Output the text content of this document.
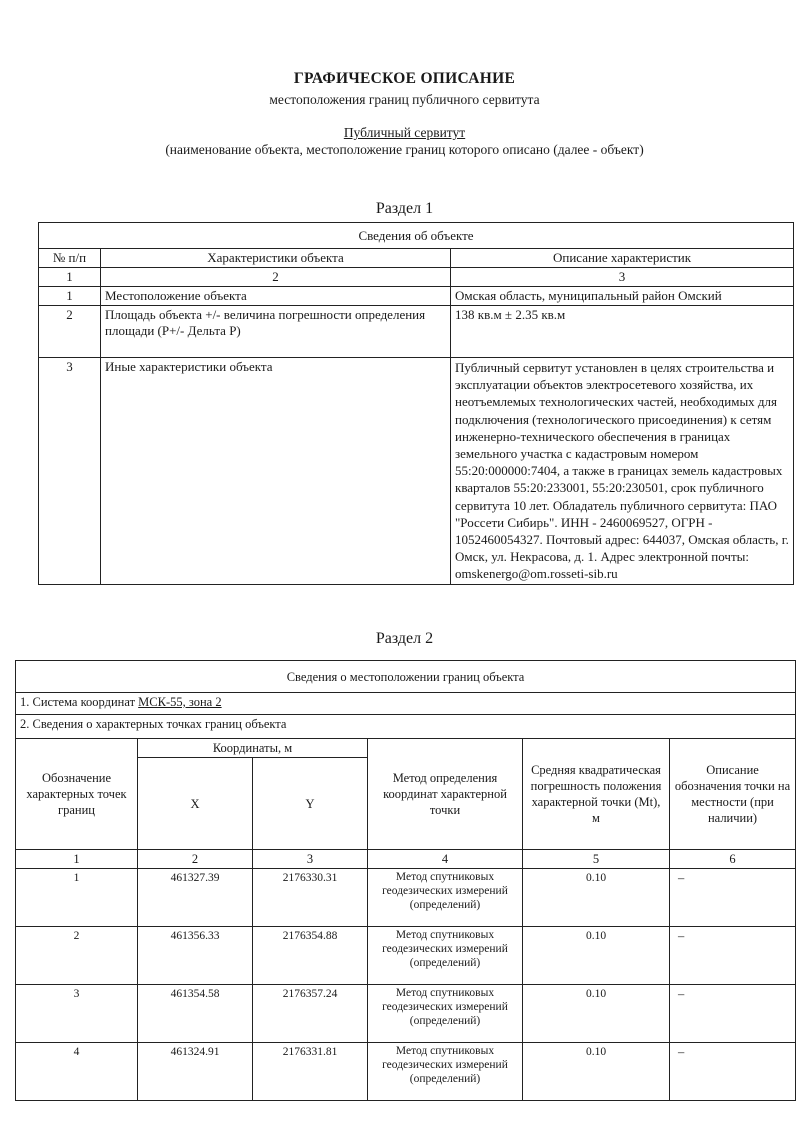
ГРАФИЧЕСКОЕ ОПИСАНИЕ
местоположения границ публичного сервитута
Публичный сервитут
(наименование объекта, местоположение границ которого описано (далее - объект)
Раздел 1
Сведения об объекте		
№ п/п	Характеристики объекта	Описание характеристик
1	2	3
1	Местоположение объекта	Омская область, муниципальный район Омский
2	Площадь объекта +/- величина погрешности определения площади (Р+/- Дельта Р)	138 кв.м ± 2.35 кв.м
3	Иные характеристики объекта	Публичный сервитут установлен в целях строительства и эксплуатации объектов электросетевого хозяйства, их неотъемлемых технологических частей, необходимых для подключения (технологического присоединения) к сетям инженерно-технического обеспечения в границах земельного участка с кадастровым номером 55:20:000000:7404, а также в границах земель кадастровых кварталов 55:20:233001, 55:20:230501, срок публичного сервитута 10 лет. Обладатель публичного сервитута: ПАО "Россети Сибирь". ИНН - 2460069527, ОГРН - 1052460054327. Почтовый адрес: 644037, Омская область, г. Омск, ул. Некрасова, д. 1. Адрес электронной почты: omskenergo@om.rosseti-sib.ru
Раздел 2
Сведения о местоположении границ объекта					
1. Система координат МСК-55, зона 2					
2. Сведения о характерных точках границ объекта					
Обозначение характерных точек границ	Координаты, м		Метод определения координат характерной точки	Средняя квадратическая погрешность положения характерной точки (Mt), м	Описание обозначения точки на местности (при наличии)
	X	Y			
1	2	3	4	5	6
1	461327.39	2176330.31	Метод спутниковых геодезических измерений (определений)	0.10	–
2	461356.33	2176354.88	Метод спутниковых геодезических измерений (определений)	0.10	–
3	461354.58	2176357.24	Метод спутниковых геодезических измерений (определений)	0.10	–
4	461324.91	2176331.81	Метод спутниковых геодезических измерений (определений)	0.10	–
